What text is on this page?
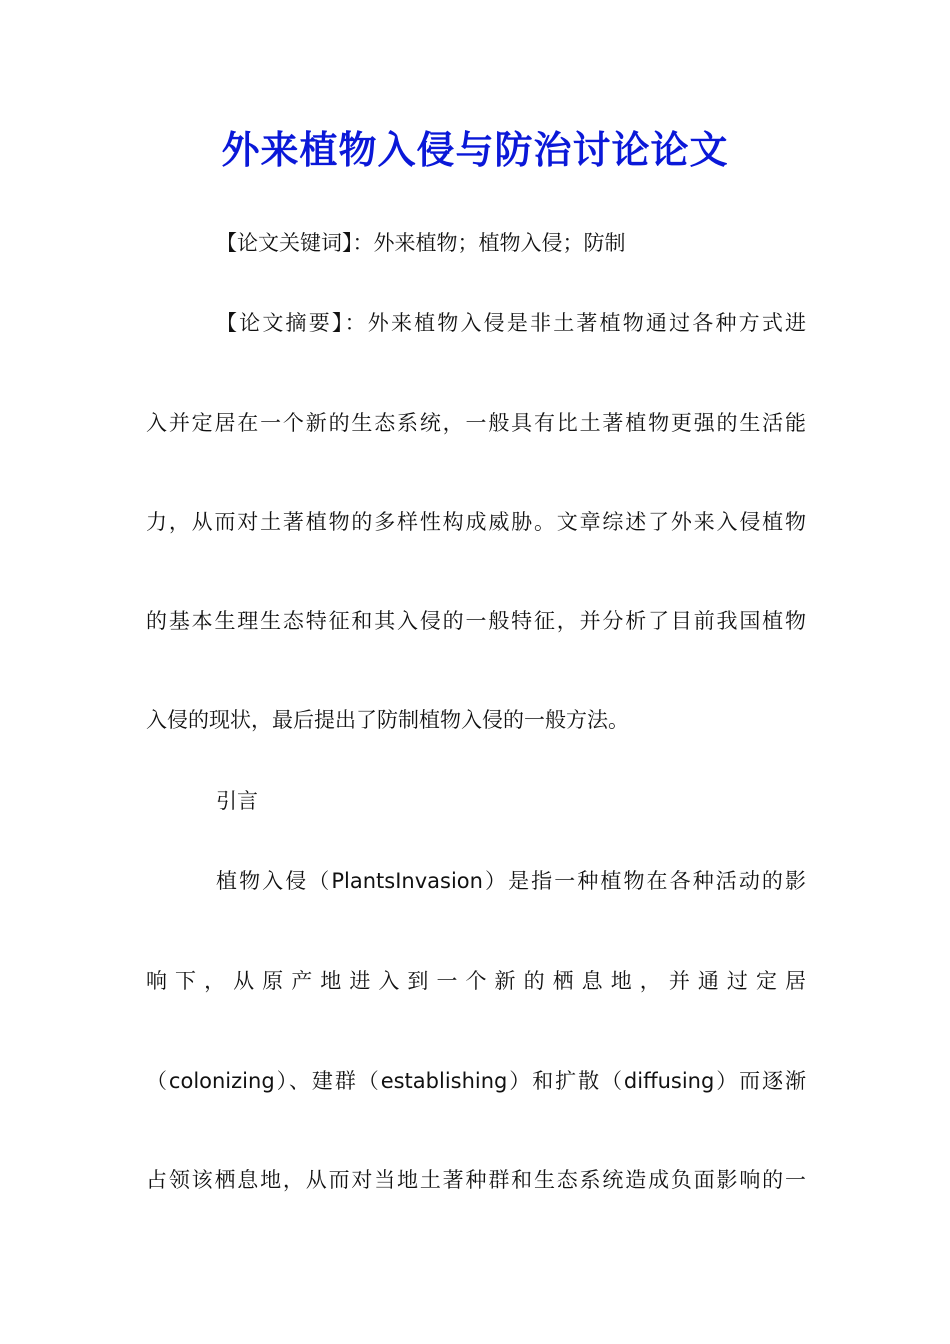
外来植物入侵与防治讨论论文
【论文关键词】：外来植物；植物入侵；防制
【论文摘要】：外来植物入侵是非土著植物通过各种方式进
入并定居在一个新的生态系统，一般具有比土著植物更强的生活能
力，从而对土著植物的多样性构成威胁。文章综述了外来入侵植物
的基本生理生态特征和其入侵的一般特征，并分析了目前我国植物
入侵的现状，最后提出了防制植物入侵的一般方法。
引言
植物入侵（PlantsInvasion）是指一种植物在各种活动的影
响下，从原产地进入到一个新的栖息地，并通过定居
（colonizing）、建群（establishing）和扩散（diffusing）而逐渐
占领该栖息地，从而对当地土著种群和生态系统造成负面影响的一
